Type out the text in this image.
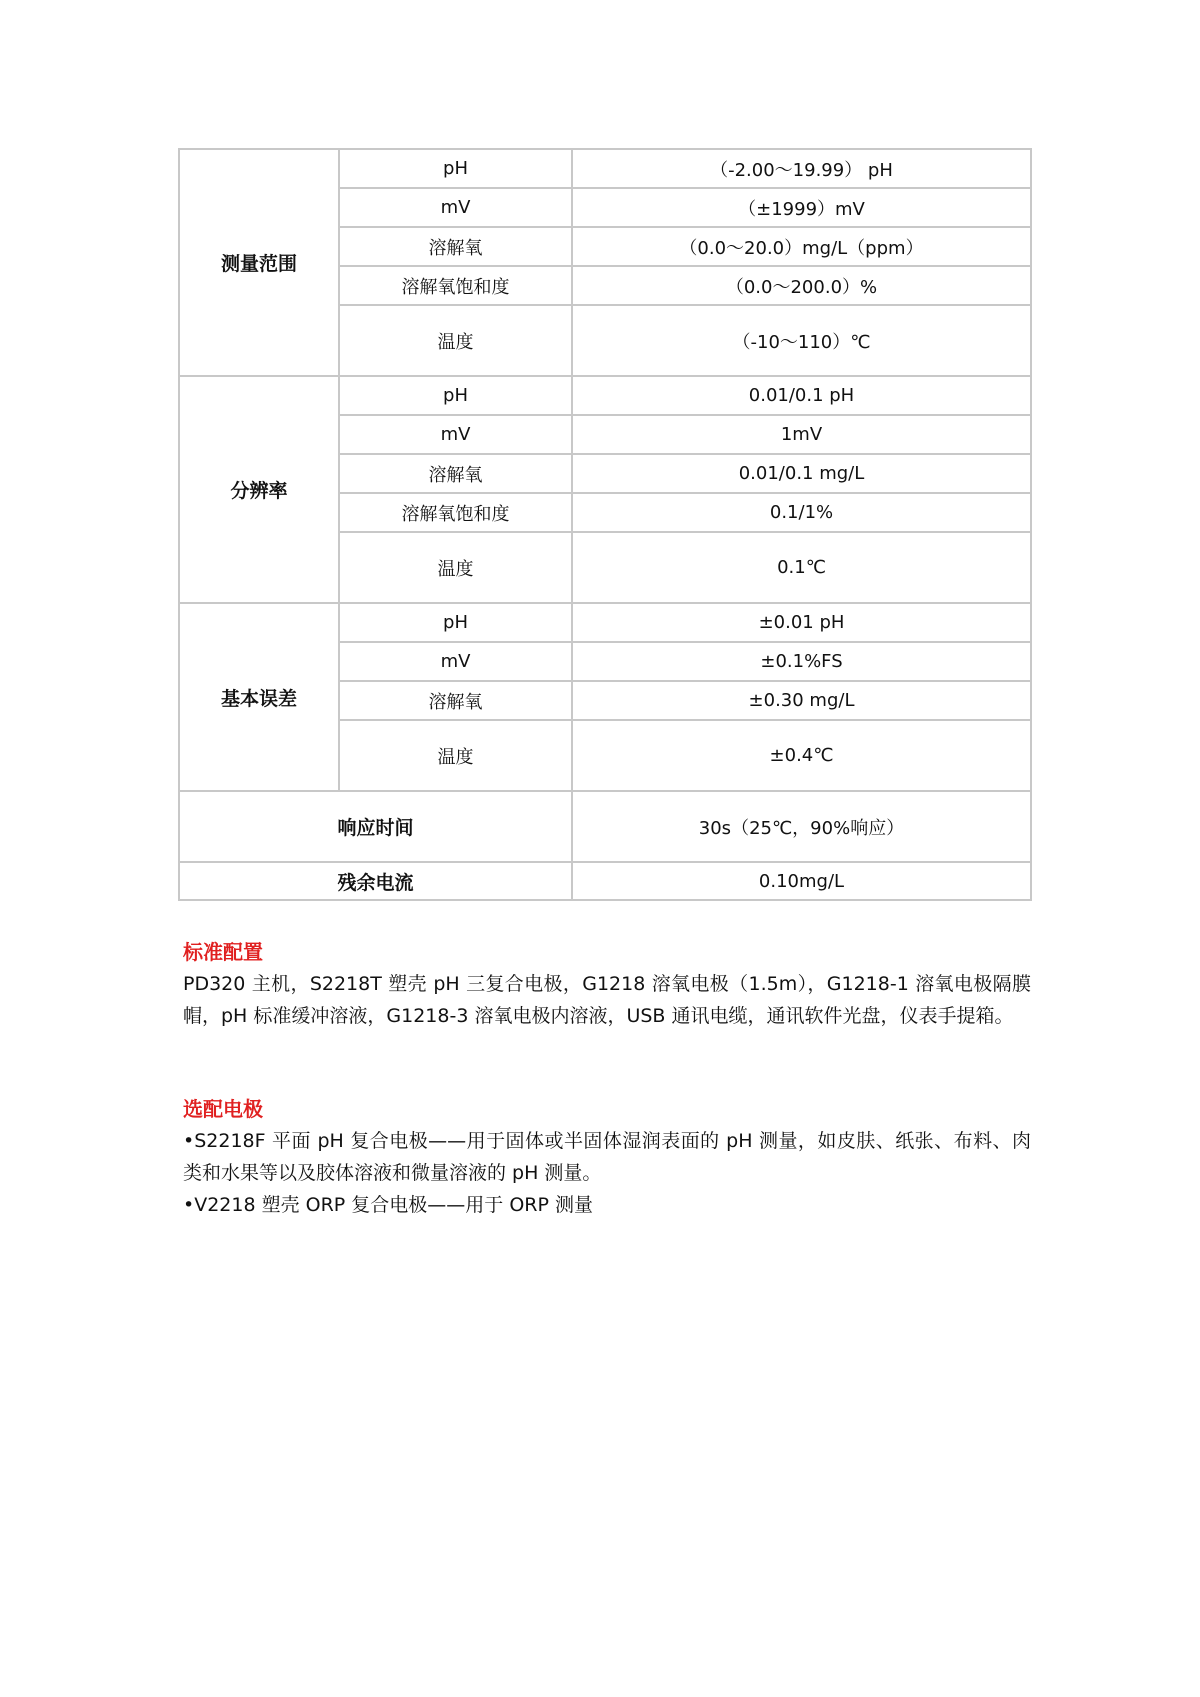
测量范围	pH	（-2.00～19.99） pH
	mV	（±1999）mV
	溶解氧	（0.0～20.0）mg/L（ppm）
	溶解氧饱和度	（0.0～200.0）%
	温度	（-10～110）℃
分辨率	pH	0.01/0.1 pH
	mV	1mV
	溶解氧	0.01/0.1 mg/L
	溶解氧饱和度	0.1/1%
	温度	0.1℃
基本误差	pH	±0.01 pH
	mV	±0.1%FS
	溶解氧	±0.30 mg/L
	温度	±0.4℃
响应时间		30s（25℃，90%响应）
残余电流		0.10mg/L

标准配置

PD320 主机，S2218T 塑壳 pH 三复合电极，G1218 溶氧电极（1.5m），G1218-1 溶氧电极隔膜帽，pH 标准缓冲溶液，G1218-3 溶氧电极内溶液，USB 通讯电缆，通讯软件光盘，仪表手提箱。

选配电极

•S2218F 平面 pH 复合电极——用于固体或半固体湿润表面的 pH 测量，如皮肤、纸张、布料、肉类和水果等以及胶体溶液和微量溶液的 pH 测量。

•V2218 塑壳 ORP 复合电极——用于 ORP 测量
